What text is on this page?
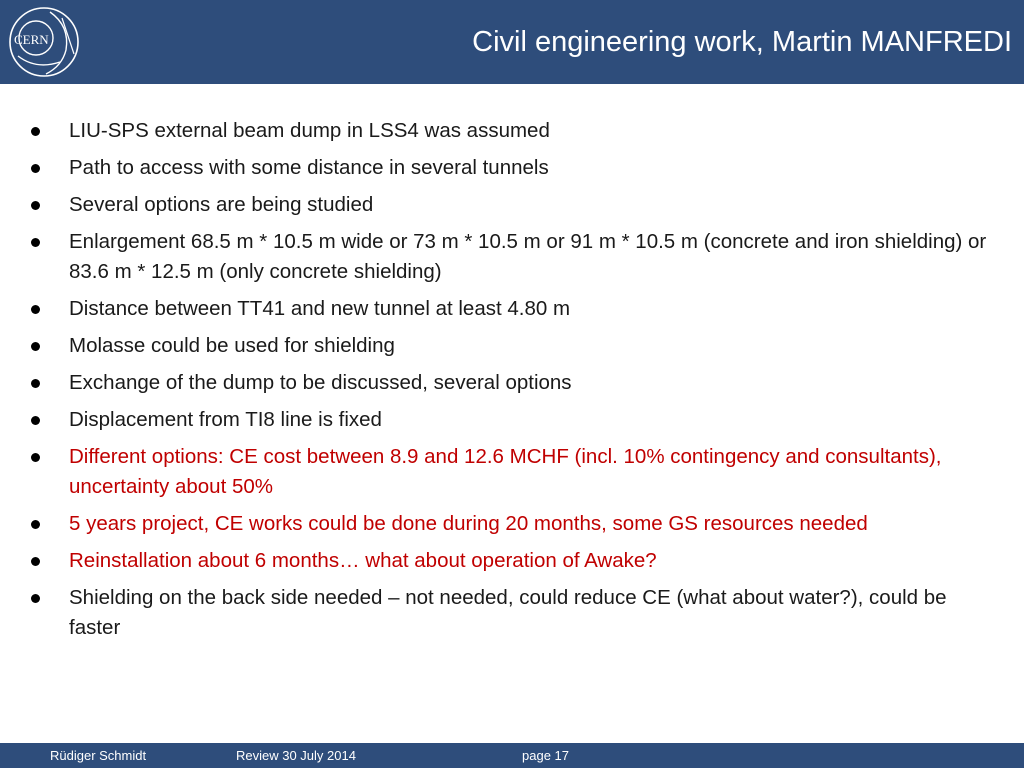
CERN	Civil engineering work, Martin MANFREDI
LIU-SPS external beam dump in LSS4 was assumed
Path to access with some distance in several tunnels
Several options are being studied
Enlargement 68.5 m * 10.5 m wide or 73 m * 10.5 m or 91 m * 10.5 m (concrete and iron shielding) or 83.6 m * 12.5 m (only concrete shielding)
Distance between TT41 and new tunnel at least 4.80 m
Molasse could be used for shielding
Exchange of the dump to be discussed, several options
Displacement from TI8 line is fixed
Different options: CE cost between 8.9 and 12.6 MCHF (incl. 10% contingency and consultants), uncertainty about 50%
5 years project, CE works could be done during 20 months, some GS resources needed
Reinstallation about 6 months… what about operation of Awake?
Shielding on the back side needed – not needed, could reduce CE (what about water?), could be faster
Rüdiger Schmidt	Review 30 July 2014	page 17
